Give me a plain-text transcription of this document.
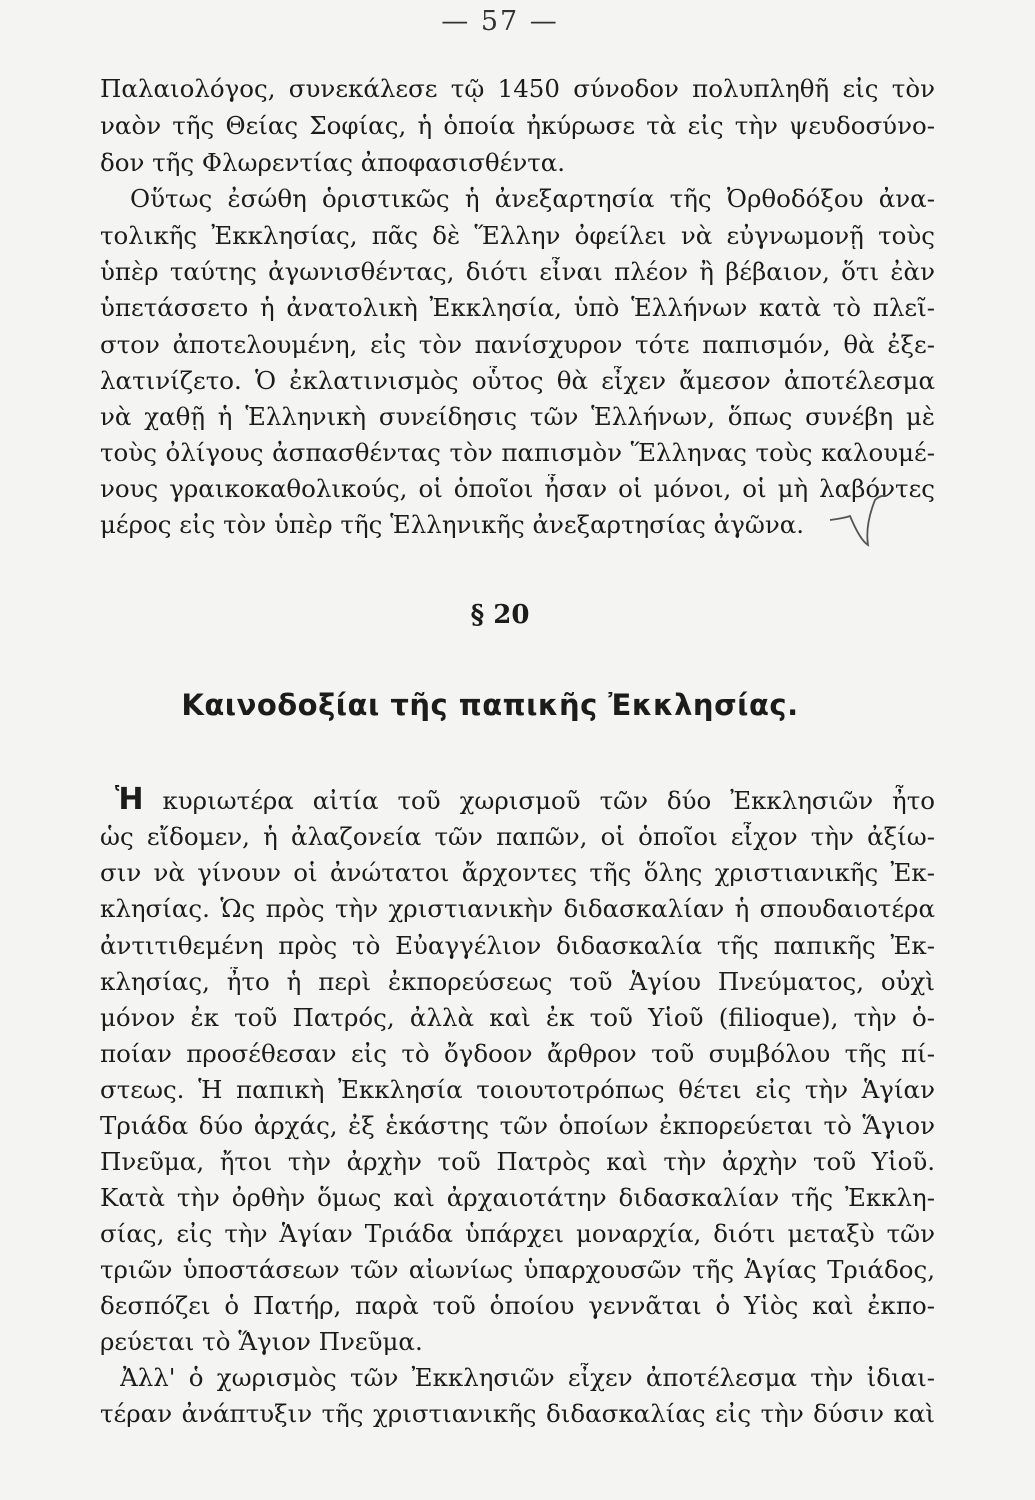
— 57 —
Παλαιολόγος, συνεκάλεσε τῷ 1450 σύνοδον πολυπληθῆ εἰς τὸν
ναὸν τῆς Θείας Σοφίας, ἡ ὁποία ἠκύρωσε τὰ εἰς τὴν ψευδοσύνο-
δον τῆς Φλωρεντίας ἀποφασισθέντα.
Οὕτως ἐσώθη ὁριστικῶς ἡ ἀνεξαρτησία τῆς Ὀρθοδόξου ἀνα-
τολικῆς Ἐκκλησίας, πᾶς δὲ Ἕλλην ὀφείλει νὰ εὐγνωμονῇ τοὺς
ὑπὲρ ταύτης ἀγωνισθέντας, διότι εἶναι πλέον ἢ βέβαιον, ὅτι ἐὰν
ὑπετάσσετο ἡ ἀνατολικὴ Ἐκκλησία, ὑπὸ Ἑλλήνων κατὰ τὸ πλεῖ-
στον ἀποτελουμένη, εἰς τὸν πανίσχυρον τότε παπισμόν, θὰ ἐξε-
λατινίζετο. Ὁ ἐκλατινισμὸς οὗτος θὰ εἶχεν ἄμεσον ἀποτέλεσμα
νὰ χαθῇ ἡ Ἑλληνικὴ συνείδησις τῶν Ἑλλήνων, ὅπως συνέβη μὲ
τοὺς ὀλίγους ἀσπασθέντας τὸν παπισμὸν Ἕλληνας τοὺς καλουμέ-
νους γραικοκαθολικούς, οἱ ὁποῖοι ἦσαν οἱ μόνοι, οἱ μὴ λαβόντες
μέρος εἰς τὸν ὑπὲρ τῆς Ἑλληνικῆς ἀνεξαρτησίας ἀγῶνα.
§ 20
Καινοδοξίαι τῆς παπικῆς Ἐκκλησίας.
Ἡ κυριωτέρα αἰτία τοῦ χωρισμοῦ τῶν δύο Ἐκκλησιῶν ἦτο
ὡς εἴδομεν, ἡ ἀλαζονεία τῶν παπῶν, οἱ ὁποῖοι εἶχον τὴν ἀξίω-
σιν νὰ γίνουν οἱ ἀνώτατοι ἄρχοντες τῆς ὅλης χριστιανικῆς Ἐκ-
κλησίας. Ὡς πρὸς τὴν χριστιανικὴν διδασκαλίαν ἡ σπουδαιοτέρα
ἀντιτιθεμένη πρὸς τὸ Εὐαγγέλιον διδασκαλία τῆς παπικῆς Ἐκ-
κλησίας, ἦτο ἡ περὶ ἐκπορεύσεως τοῦ Ἁγίου Πνεύματος, οὐχὶ
μόνον ἐκ τοῦ Πατρός, ἀλλὰ καὶ ἐκ τοῦ Υἱοῦ (filioque), τὴν ὁ-
ποίαν προσέθεσαν εἰς τὸ ὄγδοον ἄρθρον τοῦ συμβόλου τῆς πί-
στεως. Ἡ παπικὴ Ἐκκλησία τοιουτοτρόπως θέτει εἰς τὴν Ἁγίαν
Τριάδα δύο ἀρχάς, ἐξ ἑκάστης τῶν ὁποίων ἐκπορεύεται τὸ Ἅγιον
Πνεῦμα, ἤτοι τὴν ἀρχὴν τοῦ Πατρὸς καὶ τὴν ἀρχὴν τοῦ Υἱοῦ.
Κατὰ τὴν ὀρθὴν ὅμως καὶ ἀρχαιοτάτην διδασκαλίαν τῆς Ἐκκλη-
σίας, εἰς τὴν Ἁγίαν Τριάδα ὑπάρχει μοναρχία, διότι μεταξὺ τῶν
τριῶν ὑποστάσεων τῶν αἰωνίως ὑπαρχουσῶν τῆς Ἁγίας Τριάδος,
δεσπόζει ὁ Πατήρ, παρὰ τοῦ ὁποίου γεννᾶται ὁ Υἱὸς καὶ ἐκπο-
ρεύεται τὸ Ἅγιον Πνεῦμα.
Ἀλλ' ὁ χωρισμὸς τῶν Ἐκκλησιῶν εἶχεν ἀποτέλεσμα τὴν ἰδιαι-
τέραν ἀνάπτυξιν τῆς χριστιανικῆς διδασκαλίας εἰς τὴν δύσιν καὶ
